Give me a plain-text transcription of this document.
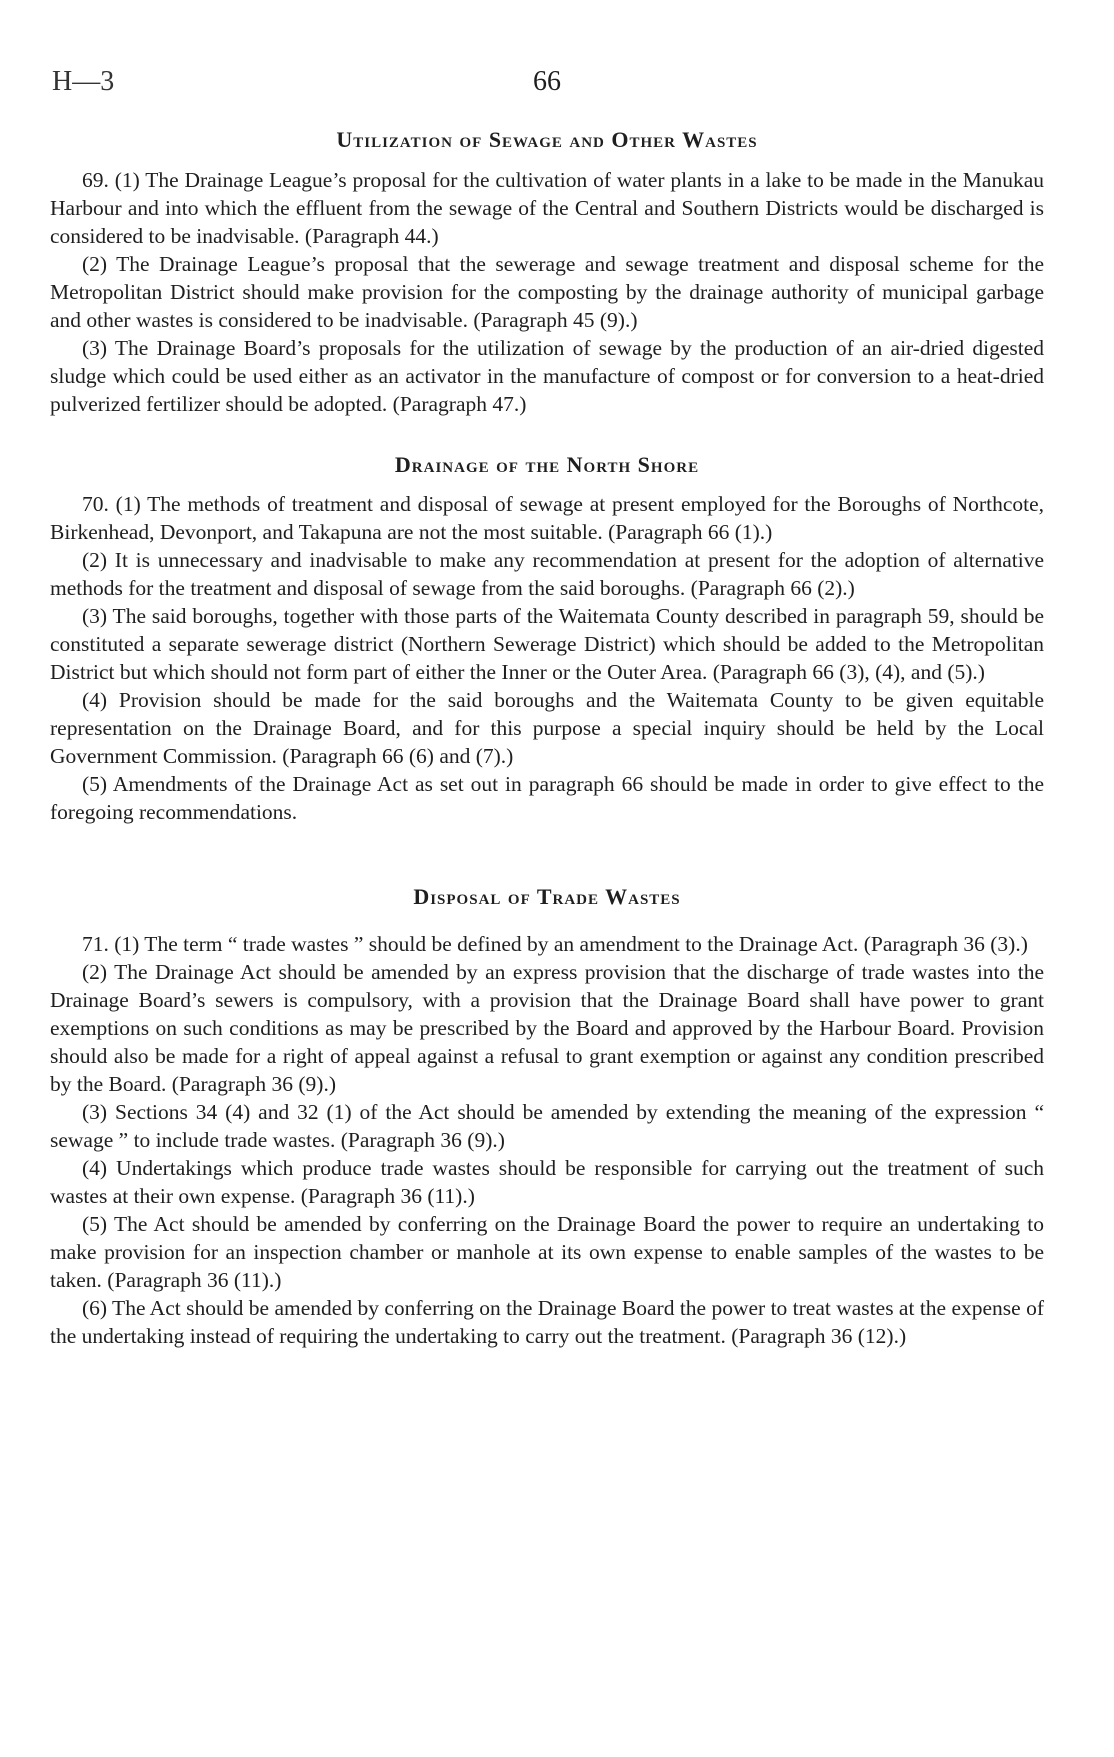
H—3	66
Utilization of Sewage and Other Wastes

69. (1) The Drainage League’s proposal for the cultivation of water plants in a lake to be made in the Manukau Harbour and into which the effluent from the sewage of the Central and Southern Districts would be discharged is considered to be inadvisable. (Paragraph 44.)

(2) The Drainage League’s proposal that the sewerage and sewage treatment and disposal scheme for the Metropolitan District should make provision for the composting by the drainage authority of municipal garbage and other wastes is considered to be inadvisable. (Paragraph 45 (9).)

(3) The Drainage Board’s proposals for the utilization of sewage by the production of an air-dried digested sludge which could be used either as an activator in the manufacture of compost or for conversion to a heat-dried pulverized fertilizer should be adopted. (Paragraph 47.)

Drainage of the North Shore

70. (1) The methods of treatment and disposal of sewage at present employed for the Boroughs of Northcote, Birkenhead, Devonport, and Takapuna are not the most suitable. (Paragraph 66 (1).)

(2) It is unnecessary and inadvisable to make any recommendation at present for the adoption of alternative methods for the treatment and disposal of sewage from the said boroughs. (Paragraph 66 (2).)

(3) The said boroughs, together with those parts of the Waitemata County described in paragraph 59, should be constituted a separate sewerage district (Northern Sewerage District) which should be added to the Metropolitan District but which should not form part of either the Inner or the Outer Area. (Paragraph 66 (3), (4), and (5).)

(4) Provision should be made for the said boroughs and the Waitemata County to be given equitable representation on the Drainage Board, and for this purpose a special inquiry should be held by the Local Government Commission. (Paragraph 66 (6) and (7).)

(5) Amendments of the Drainage Act as set out in paragraph 66 should be made in order to give effect to the foregoing recommendations.

Disposal of Trade Wastes

71. (1) The term “ trade wastes ” should be defined by an amendment to the Drainage Act. (Paragraph 36 (3).)

(2) The Drainage Act should be amended by an express provision that the discharge of trade wastes into the Drainage Board’s sewers is compulsory, with a provision that the Drainage Board shall have power to grant exemptions on such conditions as may be prescribed by the Board and approved by the Harbour Board. Provision should also be made for a right of appeal against a refusal to grant exemption or against any condition prescribed by the Board. (Paragraph 36 (9).)

(3) Sections 34 (4) and 32 (1) of the Act should be amended by extending the meaning of the expression “ sewage ” to include trade wastes. (Paragraph 36 (9).)

(4) Undertakings which produce trade wastes should be responsible for carrying out the treatment of such wastes at their own expense. (Paragraph 36 (11).)

(5) The Act should be amended by conferring on the Drainage Board the power to require an undertaking to make provision for an inspection chamber or manhole at its own expense to enable samples of the wastes to be taken. (Paragraph 36 (11).)

(6) The Act should be amended by conferring on the Drainage Board the power to treat wastes at the expense of the undertaking instead of requiring the undertaking to carry out the treatment. (Paragraph 36 (12).)
